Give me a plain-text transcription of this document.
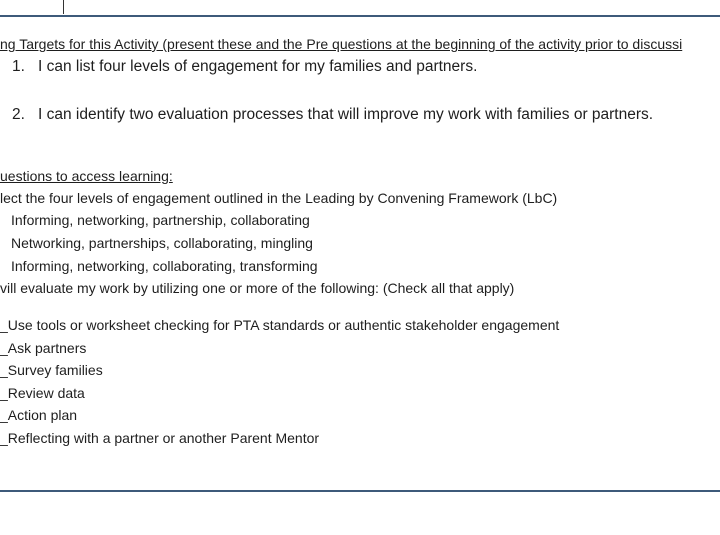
ng Targets for this Activity (present these and the Pre questions at the beginning of the activity prior to discussi
1. I can list four levels of engagement for my families and partners.
2. I can identify two evaluation processes that will improve my work with families or partners.
uestions to access learning:
lect the four levels of engagement outlined in the Leading by Convening Framework (LbC)
Informing, networking, partnership, collaborating
Networking, partnerships, collaborating, mingling
Informing, networking, collaborating, transforming
vill evaluate my work by utilizing one or more of the following: (Check all that apply)
_Use tools or worksheet checking for PTA standards or authentic stakeholder engagement
_Ask partners
_Survey families
_Review data
_Action plan
_Reflecting with a partner or another Parent Mentor
